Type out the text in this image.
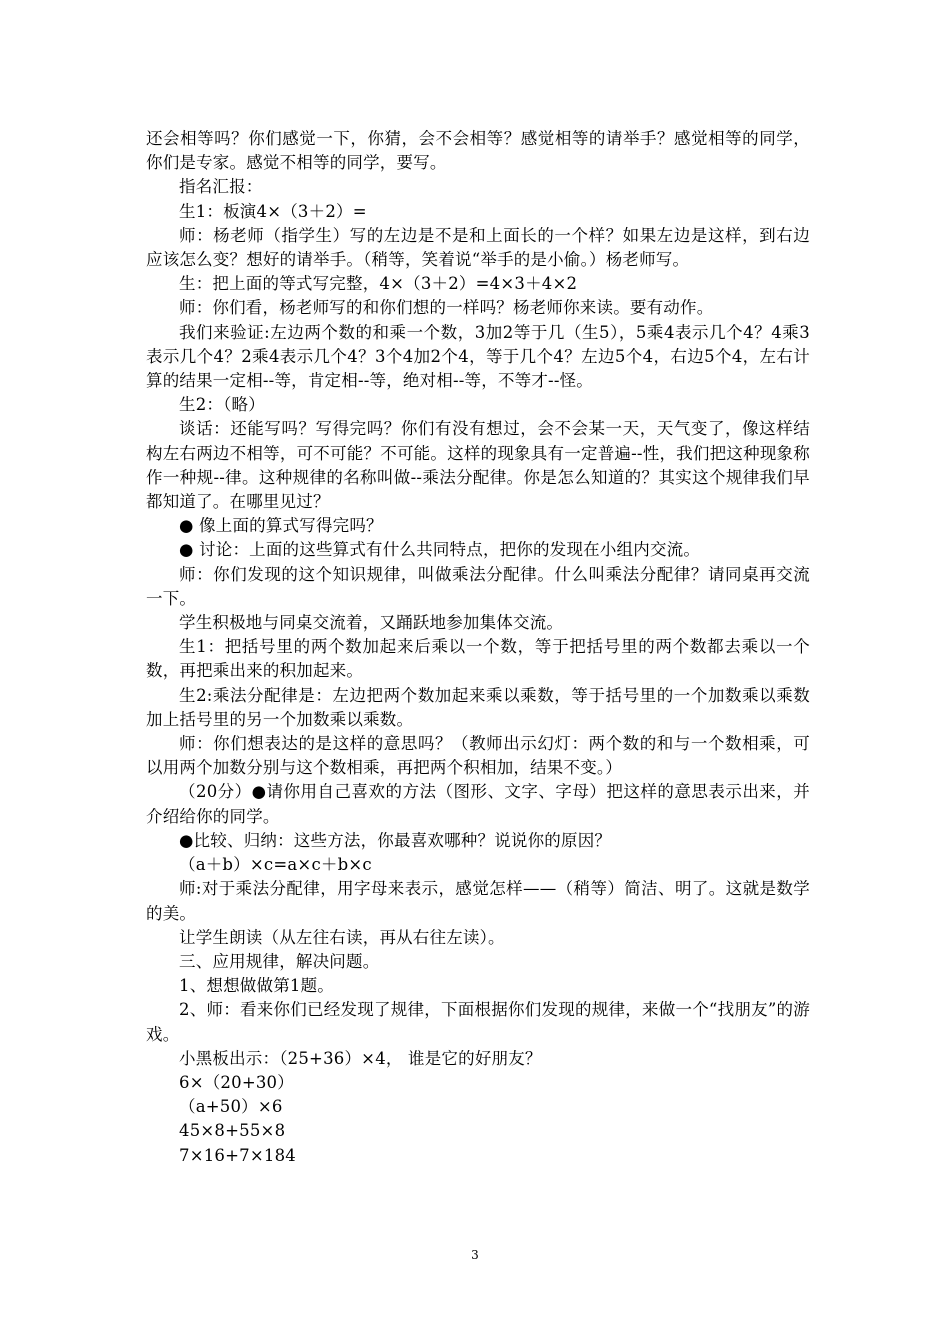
还会相等吗？你们感觉一下，你猜，会不会相等？感觉相等的请举手？感觉相等的同学，你们是专家。感觉不相等的同学，要写。

指名汇报：

生1：板演4×（3＋2）=

师：杨老师（指学生）写的左边是不是和上面长的一个样？如果左边是这样，到右边应该怎么变？想好的请举手。（稍等，笑着说“举手的是小偷。）杨老师写。

生：把上面的等式写完整，4×（3＋2）=4×3＋4×2

师：你们看，杨老师写的和你们想的一样吗？杨老师你来读。要有动作。

我们来验证:左边两个数的和乘一个数，3加2等于几（生5），5乘4表示几个4？4乘3表示几个4？2乘4表示几个4？3个4加2个4，等于几个4？左边5个4，右边5个4，左右计算的结果一定相--等，肯定相--等，绝对相--等，不等才--怪。

生2：（略）

谈话：还能写吗？写得完吗？你们有没有想过，会不会某一天，天气变了，像这样结构左右两边不相等，可不可能？不可能。这样的现象具有一定普遍--性，我们把这种现象称作一种规--律。这种规律的名称叫做--乘法分配律。你是怎么知道的？其实这个规律我们早都知道了。在哪里见过？

● 像上面的算式写得完吗？

● 讨论：上面的这些算式有什么共同特点，把你的发现在小组内交流。

师：你们发现的这个知识规律，叫做乘法分配律。什么叫乘法分配律？请同桌再交流一下。

学生积极地与同桌交流着，又踊跃地参加集体交流。

生1：把括号里的两个数加起来后乘以一个数，等于把括号里的两个数都去乘以一个数，再把乘出来的积加起来。

生2:乘法分配律是：左边把两个数加起来乘以乘数，等于括号里的一个加数乘以乘数加上括号里的另一个加数乘以乘数。

师：你们想表达的是这样的意思吗？（教师出示幻灯：两个数的和与一个数相乘，可以用两个加数分别与这个数相乘，再把两个积相加，结果不变。）

（20分）●请你用自己喜欢的方法（图形、文字、字母）把这样的意思表示出来，并介绍给你的同学。

●比较、归纳：这些方法，你最喜欢哪种？说说你的原因？

（a＋b）×c=a×c＋b×c

师:对于乘法分配律，用字母来表示，感觉怎样——（稍等）简洁、明了。这就是数学的美。

让学生朗读（从左往右读，再从右往左读）。

三、应用规律，解决问题。

1、想想做做第1题。

2、师：看来你们已经发现了规律，下面根据你们发现的规律，来做一个“找朋友”的游戏。

小黑板出示：（25+36）×4， 谁是它的好朋友？

6×（20+30）

（a+50）×6

45×8+55×8

7×16+7×184

3
